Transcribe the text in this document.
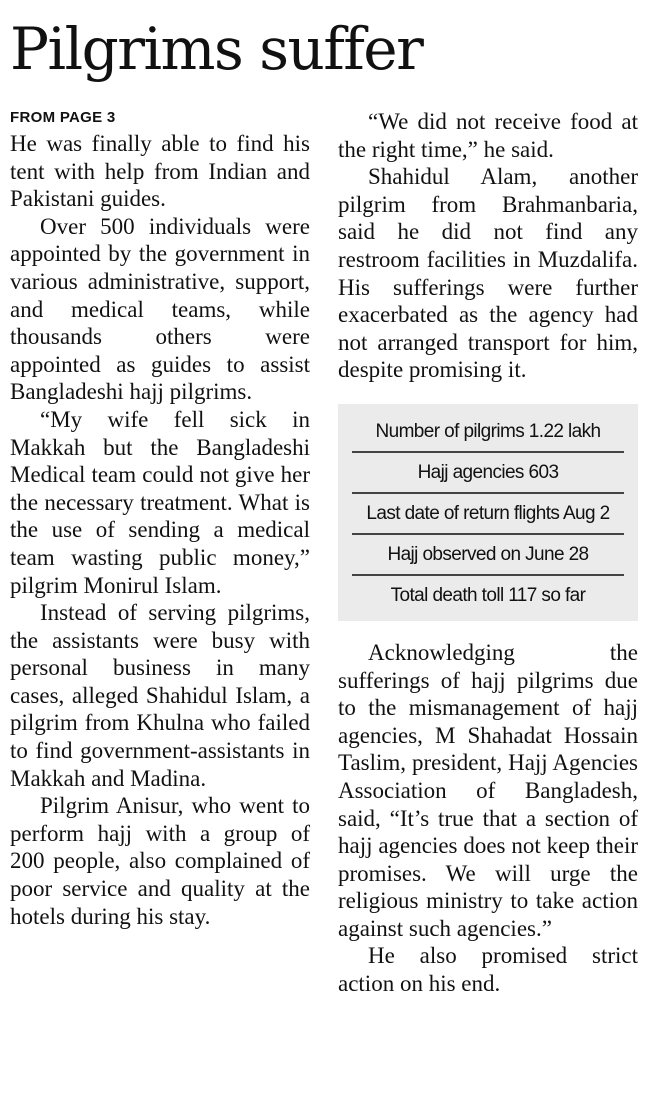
Pilgrims suffer
FROM PAGE 3

He was finally able to find his tent with help from Indian and Pakistani guides.

Over 500 individuals were appointed by the government in various administrative, support, and medical teams, while thousands others were appointed as guides to assist Bangladeshi hajj pilgrims.

“My wife fell sick in Makkah but the Bangladeshi Medical team could not give her the necessary treatment. What is the use of sending a medical team wasting public money,” pilgrim Monirul Islam.

Instead of serving pilgrims, the assistants were busy with personal business in many cases, alleged Shahidul Islam, a pilgrim from Khulna who failed to find government-assistants in Makkah and Madina.

Pilgrim Anisur, who went to perform hajj with a group of 200 people, also complained of poor service and quality at the hotels during his stay.

“We did not receive food at the right time,” he said.

Shahidul Alam, another pilgrim from Brahmanbaria, said he did not find any restroom facilities in Muzdalifa. His sufferings were further exacerbated as the agency had not arranged transport for him, despite promising it.

Number of pilgrims 1.22 lakh
Hajj agencies 603
Last date of return flights Aug 2
Hajj observed on June 28
Total death toll 117 so far

Acknowledging the sufferings of hajj pilgrims due to the mismanagement of hajj agencies, M Shahadat Hossain Taslim, president, Hajj Agencies Association of Bangladesh, said, “It’s true that a section of hajj agencies does not keep their promises. We will urge the religious ministry to take action against such agencies.”

He also promised strict action on his end.
